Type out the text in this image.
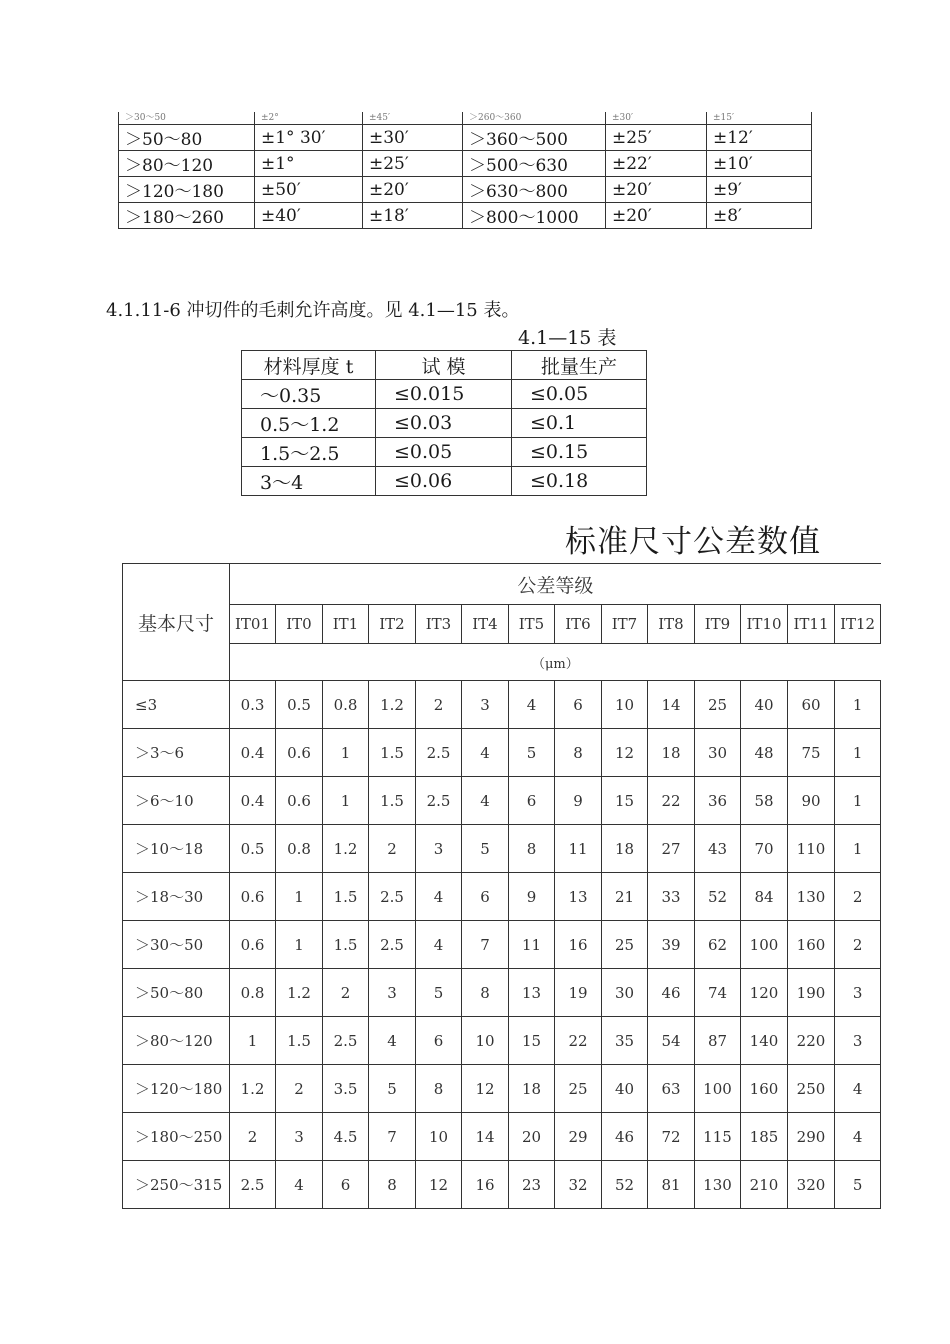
＞30～50	±2°	±45′	＞260～360	±30′	±15′
＞50～80	±1° 30′	±30′	＞360～500	±25′	±12′
＞80～120	±1°	±25′	＞500～630	±22′	±10′
＞120～180	±50′	±20′	＞630～800	±20′	±9′
＞180～260	±40′	±18′	＞800～1000	±20′	±8′
4.1.11-6 冲切件的毛刺允许高度。见 4.1—15 表。
4.1—15 表
材料厚度 t	试 模	批量生产
～0.35	≤0.015	≤0.05
0.5～1.2	≤0.03	≤0.1
1.5～2.5	≤0.05	≤0.15
3～4	≤0.06	≤0.18
标准尺寸公差数值
基本尺寸	公差等级													
	IT01	IT0	IT1	IT2	IT3	IT4	IT5	IT6	IT7	IT8	IT9	IT10	IT11	IT12
	（μm）													
≤3	0.3	0.5	0.8	1.2	2	3	4	6	10	14	25	40	60	1
＞3～6	0.4	0.6	1	1.5	2.5	4	5	8	12	18	30	48	75	1
＞6～10	0.4	0.6	1	1.5	2.5	4	6	9	15	22	36	58	90	1
＞10～18	0.5	0.8	1.2	2	3	5	8	11	18	27	43	70	110	1
＞18～30	0.6	1	1.5	2.5	4	6	9	13	21	33	52	84	130	2
＞30～50	0.6	1	1.5	2.5	4	7	11	16	25	39	62	100	160	2
＞50～80	0.8	1.2	2	3	5	8	13	19	30	46	74	120	190	3
＞80～120	1	1.5	2.5	4	6	10	15	22	35	54	87	140	220	3
＞120～180	1.2	2	3.5	5	8	12	18	25	40	63	100	160	250	4
＞180～250	2	3	4.5	7	10	14	20	29	46	72	115	185	290	4
＞250～315	2.5	4	6	8	12	16	23	32	52	81	130	210	320	5
